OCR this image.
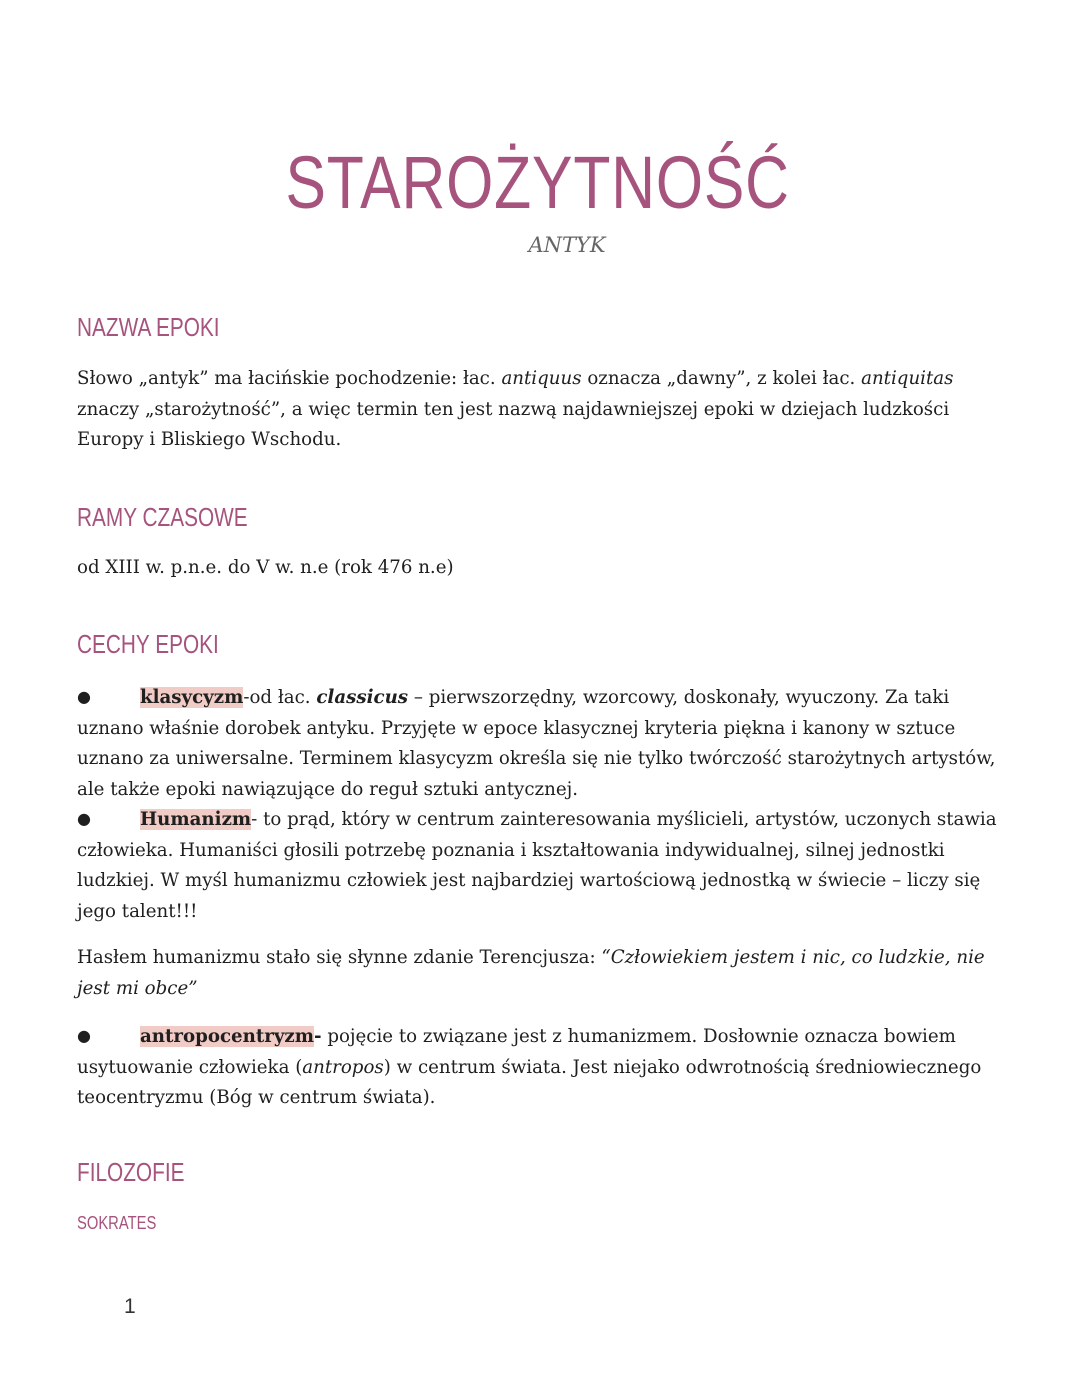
STAROŻYTNOŚĆ
ANTYK
NAZWA EPOKI

Słowo „antyk” ma łacińskie pochodzenie: łac. antiquus oznacza „dawny”, z kolei łac. antiquitas znaczy „starożytność”, a więc termin ten jest nazwą najdawniejszej epoki w dziejach ludzkości Europy i Bliskiego Wschodu.

RAMY CZASOWE

od XIII w. p.n.e. do V w. n.e (rok 476 n.e)

CECHY EPOKI

●	klasycyzm-od łac. classicus – pierwszorzędny, wzorcowy, doskonały, wyuczony. Za taki uznano właśnie dorobek antyku. Przyjęte w epoce klasycznej kryteria piękna i kanony w sztuce uznano za uniwersalne. Terminem klasycyzm określa się nie tylko twórczość starożytnych artystów, ale także epoki nawiązujące do reguł sztuki antycznej.

●	Humanizm- to prąd, który w centrum zainteresowania myślicieli, artystów, uczonych stawia człowieka. Humaniści głosili potrzebę poznania i kształtowania indywidualnej, silnej jednostki ludzkiej. W myśl humanizmu człowiek jest najbardziej wartościową jednostką w świecie – liczy się jego talent!!!

Hasłem humanizmu stało się słynne zdanie Terencjusza: “Człowiekiem jestem i nic, co ludzkie, nie jest mi obce”

●	antropocentryzm- pojęcie to związane jest z humanizmem. Dosłownie oznacza bowiem usytuowanie człowieka (antropos) w centrum świata. Jest niejako odwrotnością średniowiecznego teocentryzmu (Bóg w centrum świata).

FILOZOFIE
SOKRATES
1
